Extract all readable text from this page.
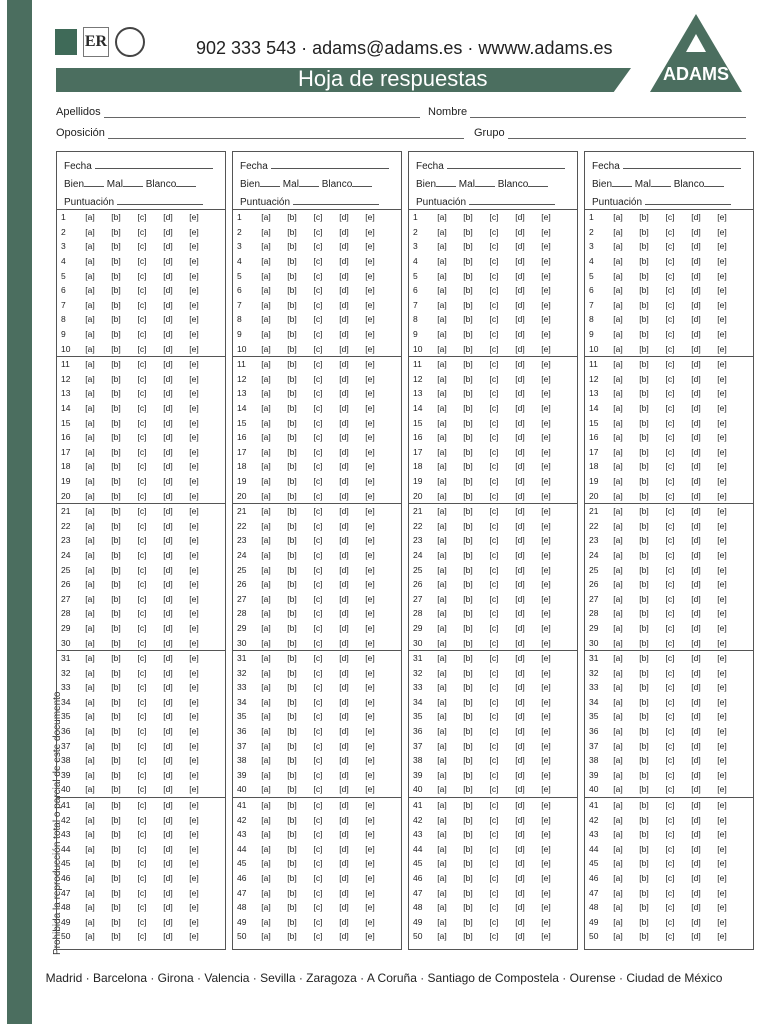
Prohibida la reproducción total o parcial de este documento
ER	902 333 543 · adams@adams.es · wwww.adams.es
Hoja de respuestas	ADAMS
Apellidos	Nombre
Oposición	Grupo
Fecha
Bien Mal Blanco
Puntuación
1	[a]	[b]	[c]	[d]	[e]
2	[a]	[b]	[c]	[d]	[e]
3	[a]	[b]	[c]	[d]	[e]
4	[a]	[b]	[c]	[d]	[e]
5	[a]	[b]	[c]	[d]	[e]
6	[a]	[b]	[c]	[d]	[e]
7	[a]	[b]	[c]	[d]	[e]
8	[a]	[b]	[c]	[d]	[e]
9	[a]	[b]	[c]	[d]	[e]
10	[a]	[b]	[c]	[d]	[e]
11	[a]	[b]	[c]	[d]	[e]
12	[a]	[b]	[c]	[d]	[e]
13	[a]	[b]	[c]	[d]	[e]
14	[a]	[b]	[c]	[d]	[e]
15	[a]	[b]	[c]	[d]	[e]
16	[a]	[b]	[c]	[d]	[e]
17	[a]	[b]	[c]	[d]	[e]
18	[a]	[b]	[c]	[d]	[e]
19	[a]	[b]	[c]	[d]	[e]
20	[a]	[b]	[c]	[d]	[e]
21	[a]	[b]	[c]	[d]	[e]
22	[a]	[b]	[c]	[d]	[e]
23	[a]	[b]	[c]	[d]	[e]
24	[a]	[b]	[c]	[d]	[e]
25	[a]	[b]	[c]	[d]	[e]
26	[a]	[b]	[c]	[d]	[e]
27	[a]	[b]	[c]	[d]	[e]
28	[a]	[b]	[c]	[d]	[e]
29	[a]	[b]	[c]	[d]	[e]
30	[a]	[b]	[c]	[d]	[e]
31	[a]	[b]	[c]	[d]	[e]
32	[a]	[b]	[c]	[d]	[e]
33	[a]	[b]	[c]	[d]	[e]
34	[a]	[b]	[c]	[d]	[e]
35	[a]	[b]	[c]	[d]	[e]
36	[a]	[b]	[c]	[d]	[e]
37	[a]	[b]	[c]	[d]	[e]
38	[a]	[b]	[c]	[d]	[e]
39	[a]	[b]	[c]	[d]	[e]
40	[a]	[b]	[c]	[d]	[e]
41	[a]	[b]	[c]	[d]	[e]
42	[a]	[b]	[c]	[d]	[e]
43	[a]	[b]	[c]	[d]	[e]
44	[a]	[b]	[c]	[d]	[e]
45	[a]	[b]	[c]	[d]	[e]
46	[a]	[b]	[c]	[d]	[e]
47	[a]	[b]	[c]	[d]	[e]
48	[a]	[b]	[c]	[d]	[e]
49	[a]	[b]	[c]	[d]	[e]
50	[a]	[b]	[c]	[d]	[e]
Fecha
Bien Mal Blanco
Puntuación
1	[a]	[b]	[c]	[d]	[e]
2	[a]	[b]	[c]	[d]	[e]
3	[a]	[b]	[c]	[d]	[e]
4	[a]	[b]	[c]	[d]	[e]
5	[a]	[b]	[c]	[d]	[e]
6	[a]	[b]	[c]	[d]	[e]
7	[a]	[b]	[c]	[d]	[e]
8	[a]	[b]	[c]	[d]	[e]
9	[a]	[b]	[c]	[d]	[e]
10	[a]	[b]	[c]	[d]	[e]
11	[a]	[b]	[c]	[d]	[e]
12	[a]	[b]	[c]	[d]	[e]
13	[a]	[b]	[c]	[d]	[e]
14	[a]	[b]	[c]	[d]	[e]
15	[a]	[b]	[c]	[d]	[e]
16	[a]	[b]	[c]	[d]	[e]
17	[a]	[b]	[c]	[d]	[e]
18	[a]	[b]	[c]	[d]	[e]
19	[a]	[b]	[c]	[d]	[e]
20	[a]	[b]	[c]	[d]	[e]
21	[a]	[b]	[c]	[d]	[e]
22	[a]	[b]	[c]	[d]	[e]
23	[a]	[b]	[c]	[d]	[e]
24	[a]	[b]	[c]	[d]	[e]
25	[a]	[b]	[c]	[d]	[e]
26	[a]	[b]	[c]	[d]	[e]
27	[a]	[b]	[c]	[d]	[e]
28	[a]	[b]	[c]	[d]	[e]
29	[a]	[b]	[c]	[d]	[e]
30	[a]	[b]	[c]	[d]	[e]
31	[a]	[b]	[c]	[d]	[e]
32	[a]	[b]	[c]	[d]	[e]
33	[a]	[b]	[c]	[d]	[e]
34	[a]	[b]	[c]	[d]	[e]
35	[a]	[b]	[c]	[d]	[e]
36	[a]	[b]	[c]	[d]	[e]
37	[a]	[b]	[c]	[d]	[e]
38	[a]	[b]	[c]	[d]	[e]
39	[a]	[b]	[c]	[d]	[e]
40	[a]	[b]	[c]	[d]	[e]
41	[a]	[b]	[c]	[d]	[e]
42	[a]	[b]	[c]	[d]	[e]
43	[a]	[b]	[c]	[d]	[e]
44	[a]	[b]	[c]	[d]	[e]
45	[a]	[b]	[c]	[d]	[e]
46	[a]	[b]	[c]	[d]	[e]
47	[a]	[b]	[c]	[d]	[e]
48	[a]	[b]	[c]	[d]	[e]
49	[a]	[b]	[c]	[d]	[e]
50	[a]	[b]	[c]	[d]	[e]
Fecha
Bien Mal Blanco
Puntuación
1	[a]	[b]	[c]	[d]	[e]
2	[a]	[b]	[c]	[d]	[e]
3	[a]	[b]	[c]	[d]	[e]
4	[a]	[b]	[c]	[d]	[e]
5	[a]	[b]	[c]	[d]	[e]
6	[a]	[b]	[c]	[d]	[e]
7	[a]	[b]	[c]	[d]	[e]
8	[a]	[b]	[c]	[d]	[e]
9	[a]	[b]	[c]	[d]	[e]
10	[a]	[b]	[c]	[d]	[e]
11	[a]	[b]	[c]	[d]	[e]
12	[a]	[b]	[c]	[d]	[e]
13	[a]	[b]	[c]	[d]	[e]
14	[a]	[b]	[c]	[d]	[e]
15	[a]	[b]	[c]	[d]	[e]
16	[a]	[b]	[c]	[d]	[e]
17	[a]	[b]	[c]	[d]	[e]
18	[a]	[b]	[c]	[d]	[e]
19	[a]	[b]	[c]	[d]	[e]
20	[a]	[b]	[c]	[d]	[e]
21	[a]	[b]	[c]	[d]	[e]
22	[a]	[b]	[c]	[d]	[e]
23	[a]	[b]	[c]	[d]	[e]
24	[a]	[b]	[c]	[d]	[e]
25	[a]	[b]	[c]	[d]	[e]
26	[a]	[b]	[c]	[d]	[e]
27	[a]	[b]	[c]	[d]	[e]
28	[a]	[b]	[c]	[d]	[e]
29	[a]	[b]	[c]	[d]	[e]
30	[a]	[b]	[c]	[d]	[e]
31	[a]	[b]	[c]	[d]	[e]
32	[a]	[b]	[c]	[d]	[e]
33	[a]	[b]	[c]	[d]	[e]
34	[a]	[b]	[c]	[d]	[e]
35	[a]	[b]	[c]	[d]	[e]
36	[a]	[b]	[c]	[d]	[e]
37	[a]	[b]	[c]	[d]	[e]
38	[a]	[b]	[c]	[d]	[e]
39	[a]	[b]	[c]	[d]	[e]
40	[a]	[b]	[c]	[d]	[e]
41	[a]	[b]	[c]	[d]	[e]
42	[a]	[b]	[c]	[d]	[e]
43	[a]	[b]	[c]	[d]	[e]
44	[a]	[b]	[c]	[d]	[e]
45	[a]	[b]	[c]	[d]	[e]
46	[a]	[b]	[c]	[d]	[e]
47	[a]	[b]	[c]	[d]	[e]
48	[a]	[b]	[c]	[d]	[e]
49	[a]	[b]	[c]	[d]	[e]
50	[a]	[b]	[c]	[d]	[e]
Fecha
Bien Mal Blanco
Puntuación
1	[a]	[b]	[c]	[d]	[e]
2	[a]	[b]	[c]	[d]	[e]
3	[a]	[b]	[c]	[d]	[e]
4	[a]	[b]	[c]	[d]	[e]
5	[a]	[b]	[c]	[d]	[e]
6	[a]	[b]	[c]	[d]	[e]
7	[a]	[b]	[c]	[d]	[e]
8	[a]	[b]	[c]	[d]	[e]
9	[a]	[b]	[c]	[d]	[e]
10	[a]	[b]	[c]	[d]	[e]
11	[a]	[b]	[c]	[d]	[e]
12	[a]	[b]	[c]	[d]	[e]
13	[a]	[b]	[c]	[d]	[e]
14	[a]	[b]	[c]	[d]	[e]
15	[a]	[b]	[c]	[d]	[e]
16	[a]	[b]	[c]	[d]	[e]
17	[a]	[b]	[c]	[d]	[e]
18	[a]	[b]	[c]	[d]	[e]
19	[a]	[b]	[c]	[d]	[e]
20	[a]	[b]	[c]	[d]	[e]
21	[a]	[b]	[c]	[d]	[e]
22	[a]	[b]	[c]	[d]	[e]
23	[a]	[b]	[c]	[d]	[e]
24	[a]	[b]	[c]	[d]	[e]
25	[a]	[b]	[c]	[d]	[e]
26	[a]	[b]	[c]	[d]	[e]
27	[a]	[b]	[c]	[d]	[e]
28	[a]	[b]	[c]	[d]	[e]
29	[a]	[b]	[c]	[d]	[e]
30	[a]	[b]	[c]	[d]	[e]
31	[a]	[b]	[c]	[d]	[e]
32	[a]	[b]	[c]	[d]	[e]
33	[a]	[b]	[c]	[d]	[e]
34	[a]	[b]	[c]	[d]	[e]
35	[a]	[b]	[c]	[d]	[e]
36	[a]	[b]	[c]	[d]	[e]
37	[a]	[b]	[c]	[d]	[e]
38	[a]	[b]	[c]	[d]	[e]
39	[a]	[b]	[c]	[d]	[e]
40	[a]	[b]	[c]	[d]	[e]
41	[a]	[b]	[c]	[d]	[e]
42	[a]	[b]	[c]	[d]	[e]
43	[a]	[b]	[c]	[d]	[e]
44	[a]	[b]	[c]	[d]	[e]
45	[a]	[b]	[c]	[d]	[e]
46	[a]	[b]	[c]	[d]	[e]
47	[a]	[b]	[c]	[d]	[e]
48	[a]	[b]	[c]	[d]	[e]
49	[a]	[b]	[c]	[d]	[e]
50	[a]	[b]	[c]	[d]	[e]
Madrid · Barcelona · Girona · Valencia · Sevilla · Zaragoza · A Coruña · Santiago de Compostela · Ourense · Ciudad de México
